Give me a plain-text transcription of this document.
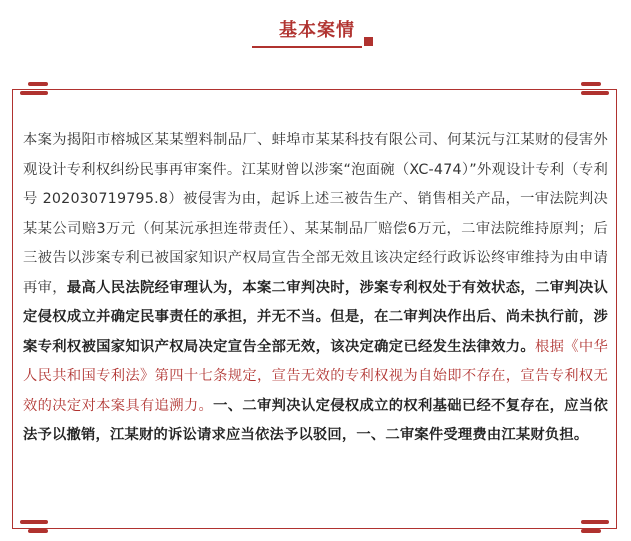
基本案情
本案为揭阳市榕城区某某塑料制品厂、蚌埠市某某科技有限公司、何某沅与江某财的侵害外观设计专利权纠纷民事再审案件。江某财曾以涉案“泡面碗（XC-474）”外观设计专利（专利号 202030719795.8）被侵害为由，起诉上述三被告生产、销售相关产品，一审法院判决某某公司赔3万元（何某沅承担连带责任）、某某制品厂赔偿6万元，二审法院维持原判；后三被告以涉案专利已被国家知识产权局宣告全部无效且该决定经行政诉讼终审维持为由申请再审，最高人民法院经审理认为，本案二审判决时，涉案专利权处于有效状态，二审判决认定侵权成立并确定民事责任的承担，并无不当。但是，在二审判决作出后、尚未执行前，涉案专利权被国家知识产权局决定宣告全部无效，该决定确定已经发生法律效力。根据《中华人民共和国专利法》第四十七条规定，宣告无效的专利权视为自始即不存在，宣告专利权无效的决定对本案具有追溯力。一、二审判决认定侵权成立的权利基础已经不复存在，应当依法予以撤销，江某财的诉讼请求应当依法予以驳回，一、二审案件受理费由江某财负担。
